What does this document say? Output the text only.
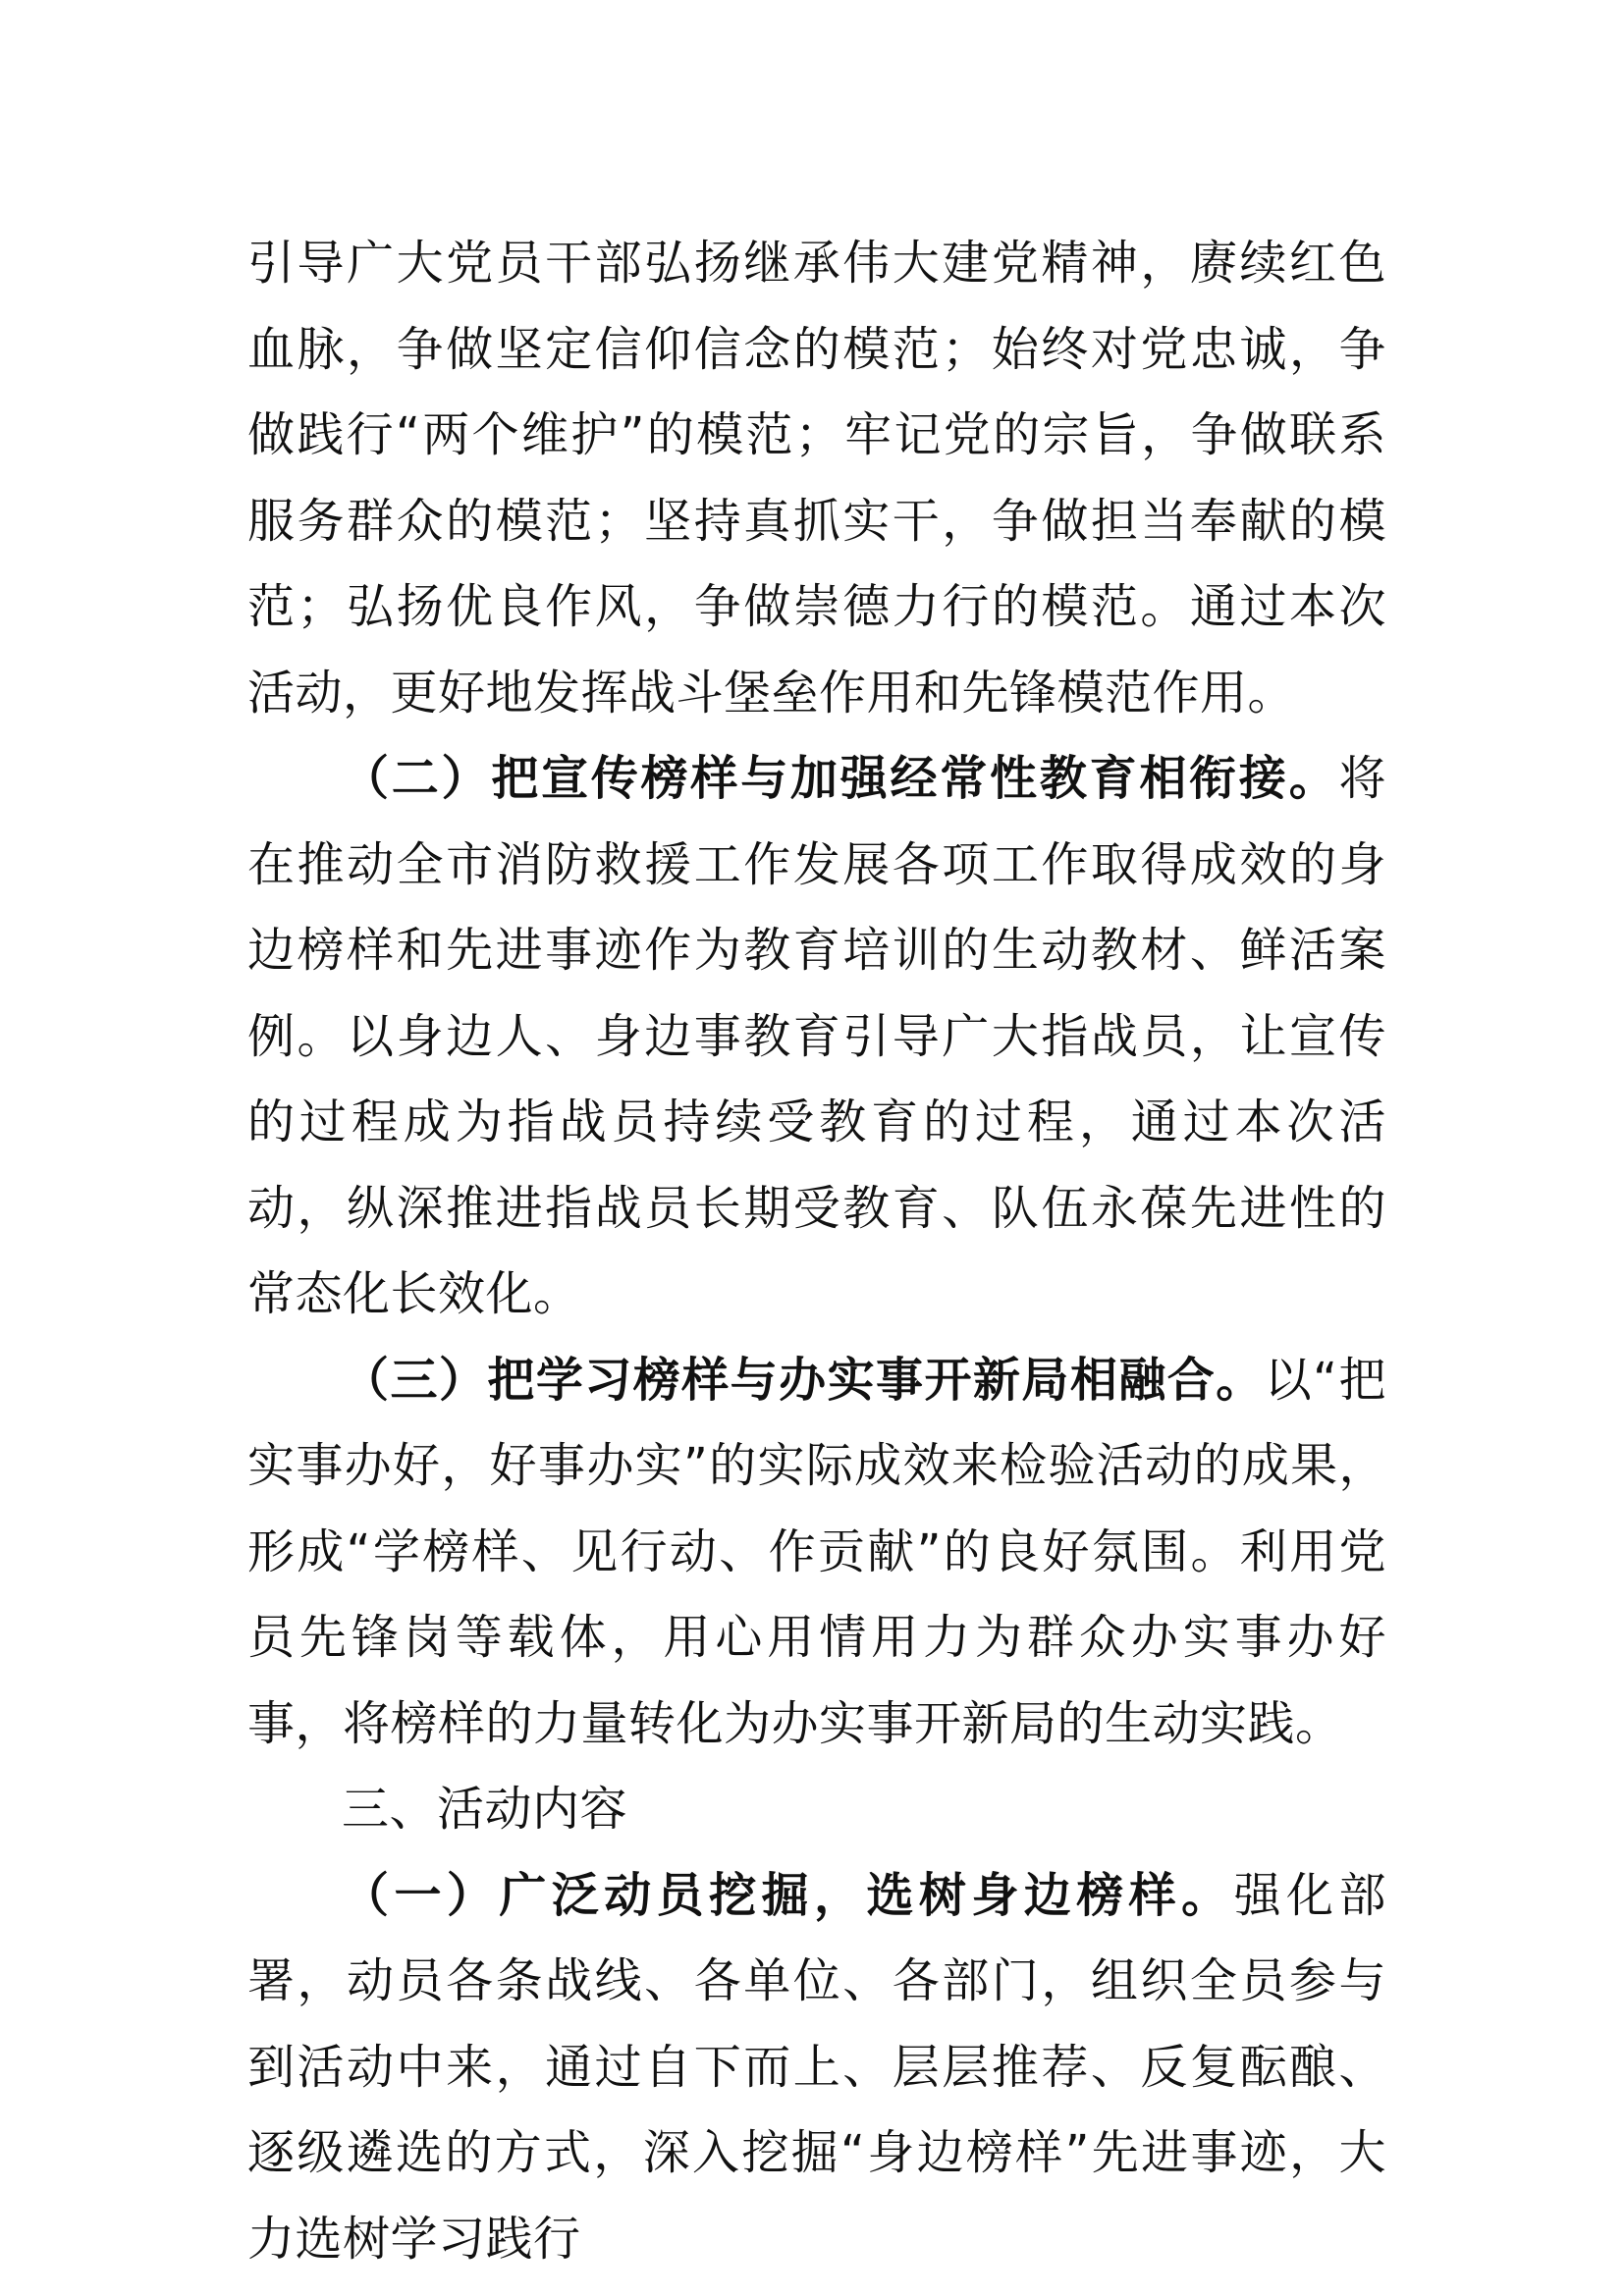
引导广大党员干部弘扬继承伟大建党精神，赓续红色血脉，争做坚定信仰信念的模范；始终对党忠诚，争做践行“两个维护”的模范；牢记党的宗旨，争做联系服务群众的模范；坚持真抓实干，争做担当奉献的模范；弘扬优良作风，争做崇德力行的模范。通过本次活动，更好地发挥战斗堡垒作用和先锋模范作用。

（二）把宣传榜样与加强经常性教育相衔接。将在推动全市消防救援工作发展各项工作取得成效的身边榜样和先进事迹作为教育培训的生动教材、鲜活案例。以身边人、身边事教育引导广大指战员，让宣传的过程成为指战员持续受教育的过程，通过本次活动，纵深推进指战员长期受教育、队伍永葆先进性的常态化长效化。

（三）把学习榜样与办实事开新局相融合。以“把实事办好，好事办实”的实际成效来检验活动的成果，形成“学榜样、见行动、作贡献”的良好氛围。利用党员先锋岗等载体，用心用情用力为群众办实事办好事，将榜样的力量转化为办实事开新局的生动实践。

三、活动内容

（一）广泛动员挖掘，选树身边榜样。强化部署，动员各条战线、各单位、各部门，组织全员参与到活动中来，通过自下而上、层层推荐、反复酝酿、逐级遴选的方式，深入挖掘“身边榜样”先进事迹，大力选树学习践行
